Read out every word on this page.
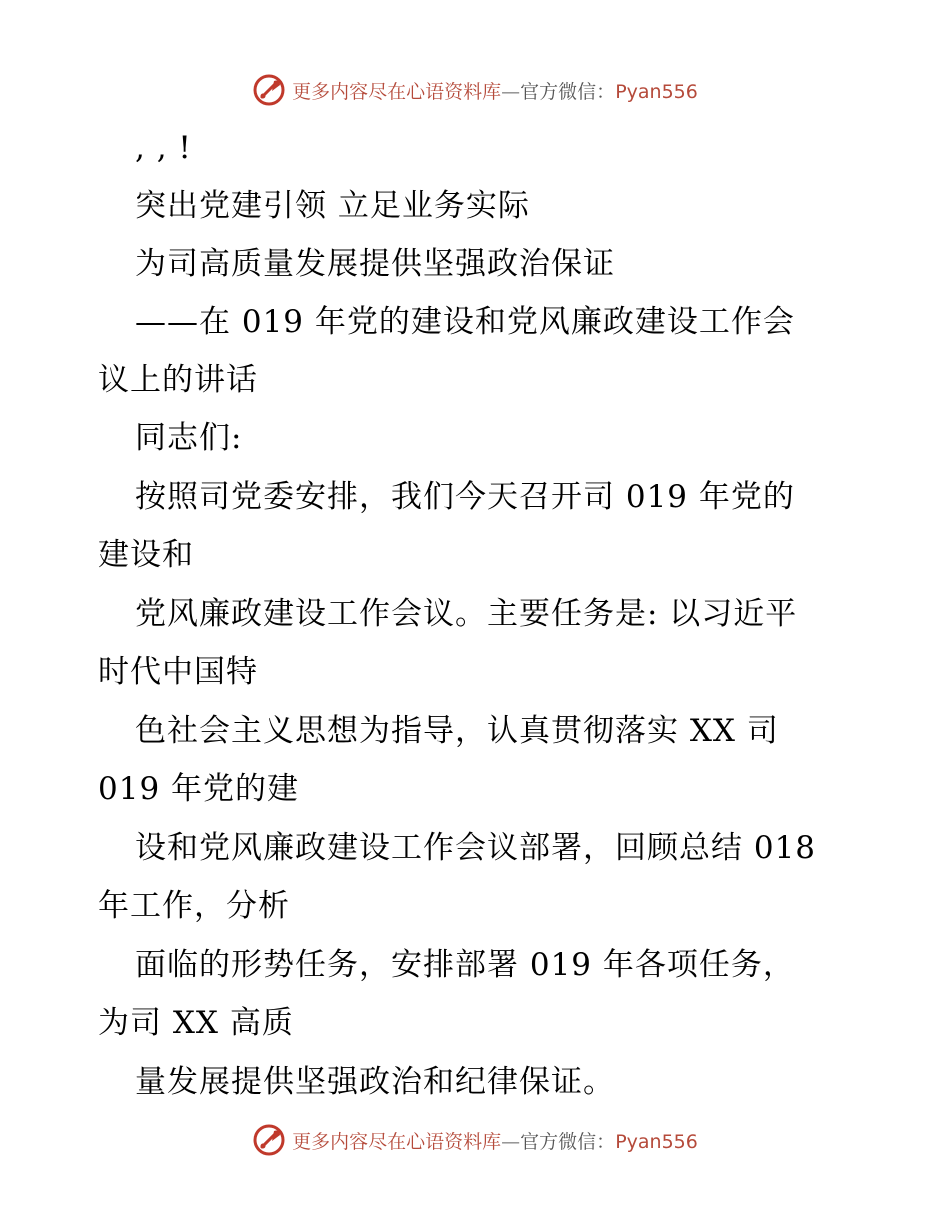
更多内容尽在心语资料库—官方微信：Pyan556
, , !
突出党建引领 立足业务实际
为司高质量发展提供坚强政治保证
——在 019 年党的建设和党风廉政建设工作会
议上的讲话
同志们:
按照司党委安排，我们今天召开司 019 年党的
建设和
党风廉政建设工作会议。主要任务是: 以习近平
时代中国特
色社会主义思想为指导，认真贯彻落实 XX 司
019 年党的建
设和党风廉政建设工作会议部署，回顾总结 018
年工作，分析
面临的形势任务，安排部署 019 年各项任务，
为司 XX 高质
量发展提供坚强政治和纪律保证。
更多内容尽在心语资料库—官方微信：Pyan556
